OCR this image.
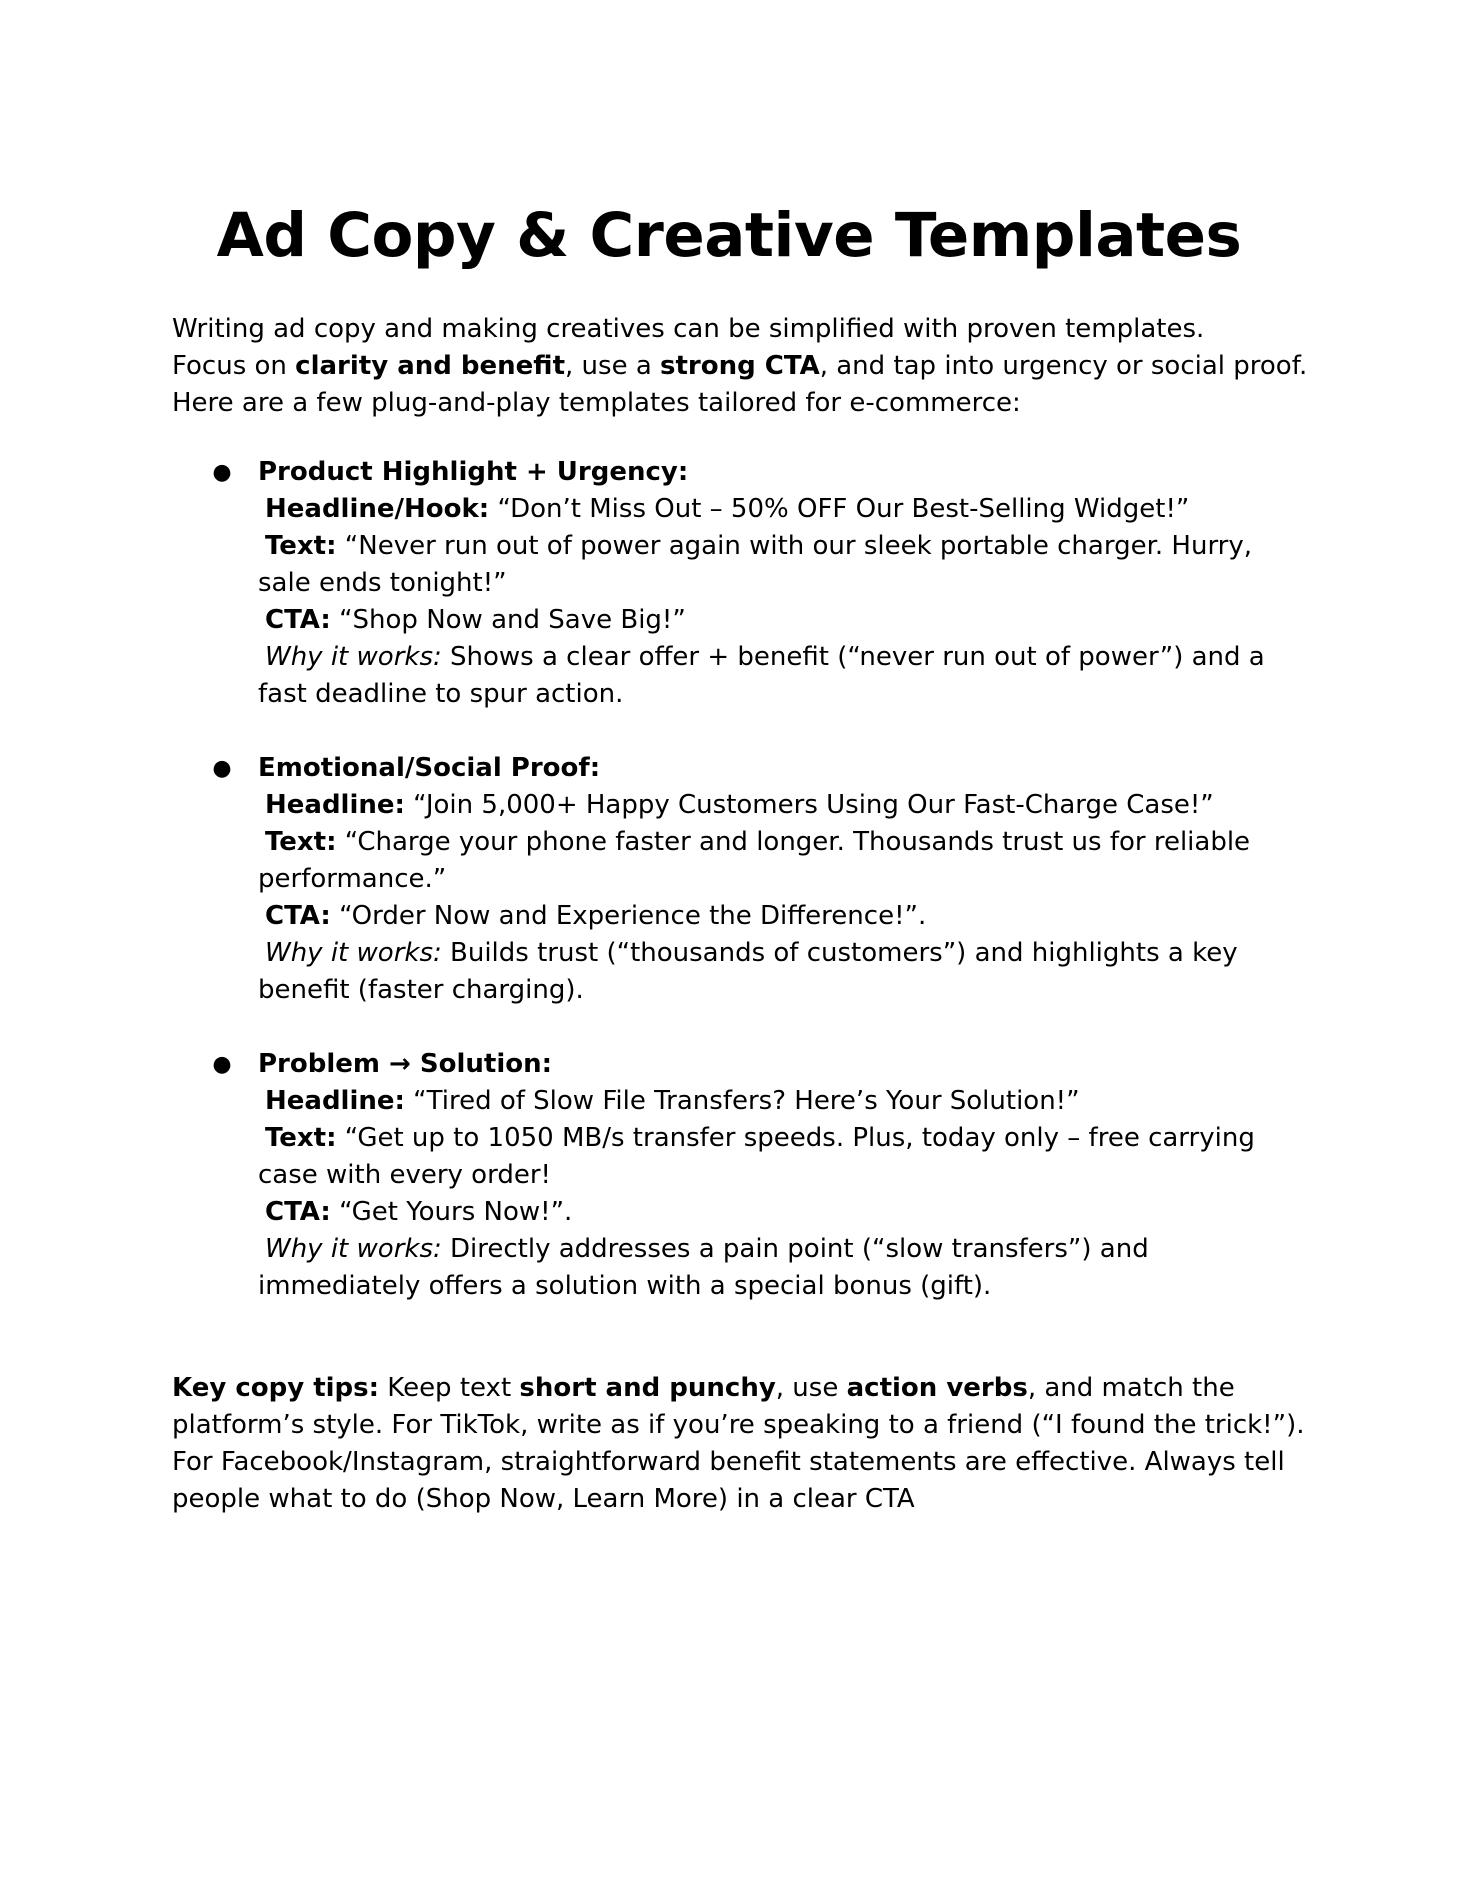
Ad Copy & Creative Templates
Writing ad copy and making creatives can be simplified with proven templates.
Focus on clarity and benefit, use a strong CTA, and tap into urgency or social proof.
Here are a few plug-and-play templates tailored for e-commerce:
● Product Highlight + Urgency:
Headline/Hook: “Don’t Miss Out – 50% OFF Our Best-Selling Widget!”
Text: “Never run out of power again with our sleek portable charger. Hurry,
sale ends tonight!”
CTA: “Shop Now and Save Big!”
Why it works: Shows a clear offer + benefit (“never run out of power”) and a
fast deadline to spur action.
● Emotional/Social Proof:
Headline: “Join 5,000+ Happy Customers Using Our Fast-Charge Case!”
Text: “Charge your phone faster and longer. Thousands trust us for reliable
performance.”
CTA: “Order Now and Experience the Difference!”.
Why it works: Builds trust (“thousands of customers”) and highlights a key
benefit (faster charging).
● Problem → Solution:
Headline: “Tired of Slow File Transfers? Here’s Your Solution!”
Text: “Get up to 1050 MB/s transfer speeds. Plus, today only – free carrying
case with every order!
CTA: “Get Yours Now!”.
Why it works: Directly addresses a pain point (“slow transfers”) and
immediately offers a solution with a special bonus (gift).
Key copy tips: Keep text short and punchy, use action verbs, and match the
platform’s style. For TikTok, write as if you’re speaking to a friend (“I found the trick!”).
For Facebook/Instagram, straightforward benefit statements are effective. Always tell
people what to do (Shop Now, Learn More) in a clear CTA
